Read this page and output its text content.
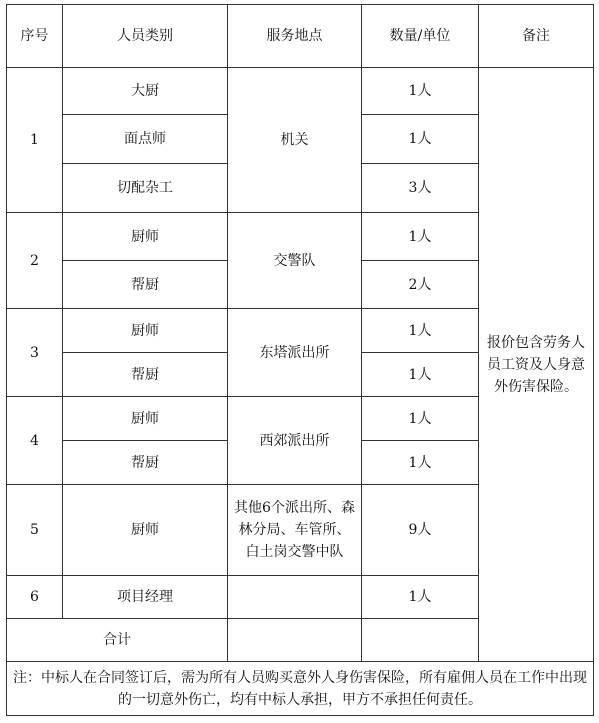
序号	人员类别	服务地点	数量/单位	备注
1	大厨	机关	1人	报价包含劳务人员工资及人身意外伤害保险。
	面点师		1人	
	切配杂工		3人	
2	厨师	交警队	1人	
	帮厨		2人	
3	厨师	东塔派出所	1人	
	帮厨		1人	
4	厨师	西郊派出所	1人	
	帮厨		1人	
5	厨师	其他6个派出所、森林分局、车管所、白土岗交警中队	9人	
6	项目经理		1人	
合计				
注：中标人在合同签订后，需为所有人员购买意外人身伤害保险，所有雇佣人员在工作中出现的一切意外伤亡，均有中标人承担，甲方不承担任何责任。				
